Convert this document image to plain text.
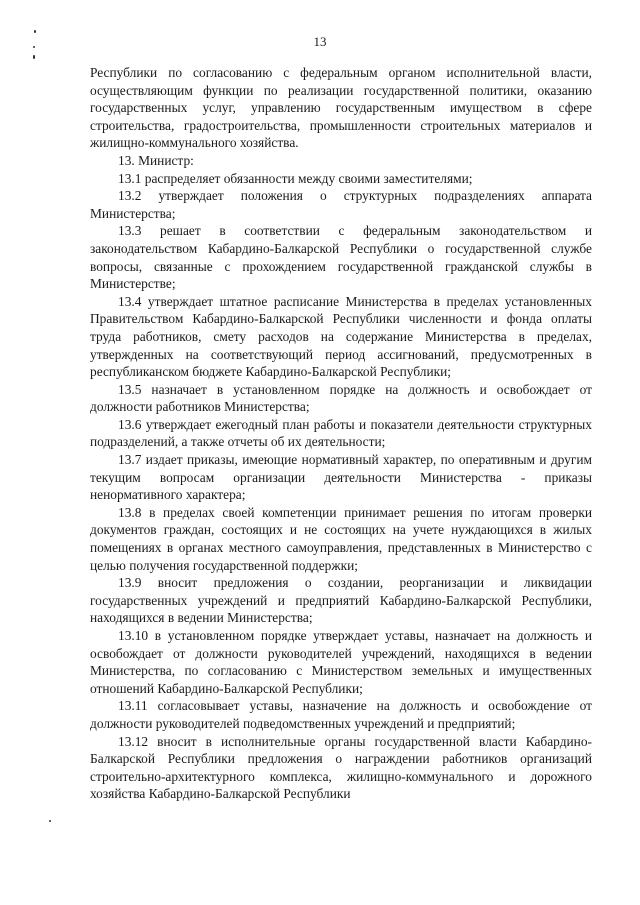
13

Республики по согласованию с федеральным органом исполнительной власти, осуществляющим функции по реализации государственной политики, оказанию государственных услуг, управлению государственным имуществом в сфере строительства, градостроительства, промышленности строительных материалов и жилищно-коммунального хозяйства.

13. Министр:

13.1 распределяет обязанности между своими заместителями;

13.2 утверждает положения о структурных подразделениях аппарата Министерства;

13.3 решает в соответствии с федеральным законодательством и законодательством Кабардино-Балкарской Республики о государственной службе вопросы, связанные с прохождением государственной гражданской службы в Министерстве;

13.4 утверждает штатное расписание Министерства в пределах установленных Правительством Кабардино-Балкарской Республики численности и фонда оплаты труда работников, смету расходов на содержание Министерства в пределах, утвержденных на соответствующий период ассигнований, предусмотренных в республиканском бюджете Кабардино-Балкарской Республики;

13.5 назначает в установленном порядке на должность и освобождает от должности работников Министерства;

13.6 утверждает ежегодный план работы и показатели деятельности структурных подразделений, а также отчеты об их деятельности;

13.7 издает приказы, имеющие нормативный характер, по оперативным и другим текущим вопросам организации деятельности Министерства - приказы ненормативного характера;

13.8 в пределах своей компетенции принимает решения по итогам проверки документов граждан, состоящих и не состоящих на учете нуждающихся в жилых помещениях в органах местного самоуправления, представленных в Министерство с целью получения государственной поддержки;

13.9 вносит предложения о создании, реорганизации и ликвидации государственных учреждений и предприятий Кабардино-Балкарской Республики, находящихся в ведении Министерства;

13.10 в установленном порядке утверждает уставы, назначает на должность и освобождает от должности руководителей учреждений, находящихся в ведении Министерства, по согласованию с Министерством земельных и имущественных отношений Кабардино-Балкарской Республики;

13.11 согласовывает уставы, назначение на должность и освобождение от должности руководителей подведомственных учреждений и предприятий;

13.12 вносит в исполнительные органы государственной власти Кабардино-Балкарской Республики предложения о награждении работников организаций строительно-архитектурного комплекса, жилищно-коммунального и дорожного хозяйства Кабардино-Балкарской Республики
